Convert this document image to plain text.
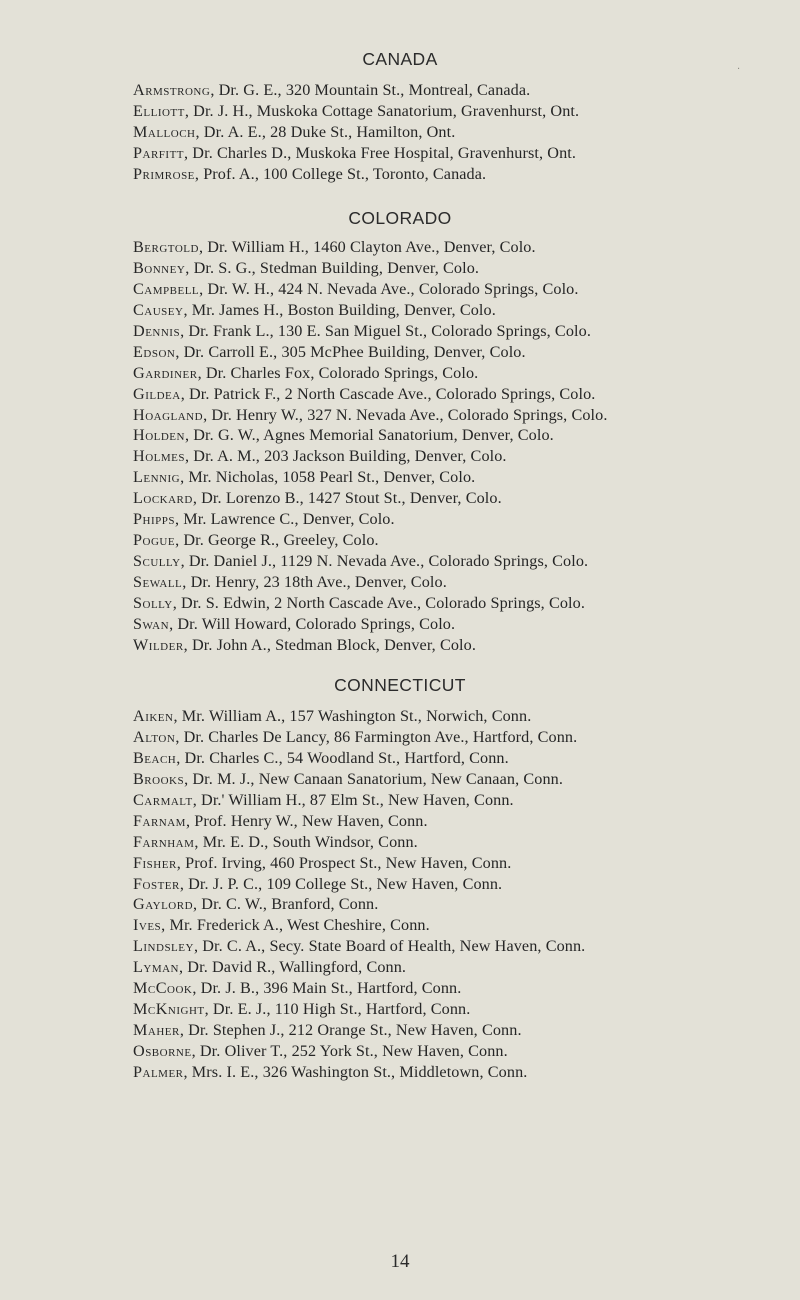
CANADA
Armstrong, Dr. G. E., 320 Mountain St., Montreal, Canada.
Elliott, Dr. J. H., Muskoka Cottage Sanatorium, Gravenhurst, Ont.
Malloch, Dr. A. E., 28 Duke St., Hamilton, Ont.
Parfitt, Dr. Charles D., Muskoka Free Hospital, Gravenhurst, Ont.
Primrose, Prof. A., 100 College St., Toronto, Canada.
COLORADO
Bergtold, Dr. William H., 1460 Clayton Ave., Denver, Colo.
Bonney, Dr. S. G., Stedman Building, Denver, Colo.
Campbell, Dr. W. H., 424 N. Nevada Ave., Colorado Springs, Colo.
Causey, Mr. James H., Boston Building, Denver, Colo.
Dennis, Dr. Frank L., 130 E. San Miguel St., Colorado Springs, Colo.
Edson, Dr. Carroll E., 305 McPhee Building, Denver, Colo.
Gardiner, Dr. Charles Fox, Colorado Springs, Colo.
Gildea, Dr. Patrick F., 2 North Cascade Ave., Colorado Springs, Colo.
Hoagland, Dr. Henry W., 327 N. Nevada Ave., Colorado Springs, Colo.
Holden, Dr. G. W., Agnes Memorial Sanatorium, Denver, Colo.
Holmes, Dr. A. M., 203 Jackson Building, Denver, Colo.
Lennig, Mr. Nicholas, 1058 Pearl St., Denver, Colo.
Lockard, Dr. Lorenzo B., 1427 Stout St., Denver, Colo.
Phipps, Mr. Lawrence C., Denver, Colo.
Pogue, Dr. George R., Greeley, Colo.
Scully, Dr. Daniel J., 1129 N. Nevada Ave., Colorado Springs, Colo.
Sewall, Dr. Henry, 23 18th Ave., Denver, Colo.
Solly, Dr. S. Edwin, 2 North Cascade Ave., Colorado Springs, Colo.
Swan, Dr. Will Howard, Colorado Springs, Colo.
Wilder, Dr. John A., Stedman Block, Denver, Colo.
CONNECTICUT
Aiken, Mr. William A., 157 Washington St., Norwich, Conn.
Alton, Dr. Charles De Lancy, 86 Farmington Ave., Hartford, Conn.
Beach, Dr. Charles C., 54 Woodland St., Hartford, Conn.
Brooks, Dr. M. J., New Canaan Sanatorium, New Canaan, Conn.
Carmalt, Dr.' William H., 87 Elm St., New Haven, Conn.
Farnam, Prof. Henry W., New Haven, Conn.
Farnham, Mr. E. D., South Windsor, Conn.
Fisher, Prof. Irving, 460 Prospect St., New Haven, Conn.
Foster, Dr. J. P. C., 109 College St., New Haven, Conn.
Gaylord, Dr. C. W., Branford, Conn.
Ives, Mr. Frederick A., West Cheshire, Conn.
Lindsley, Dr. C. A., Secy. State Board of Health, New Haven, Conn.
Lyman, Dr. David R., Wallingford, Conn.
McCook, Dr. J. B., 396 Main St., Hartford, Conn.
McKnight, Dr. E. J., 110 High St., Hartford, Conn.
Maher, Dr. Stephen J., 212 Orange St., New Haven, Conn.
Osborne, Dr. Oliver T., 252 York St., New Haven, Conn.
Palmer, Mrs. I. E., 326 Washington St., Middletown, Conn.
14
·
